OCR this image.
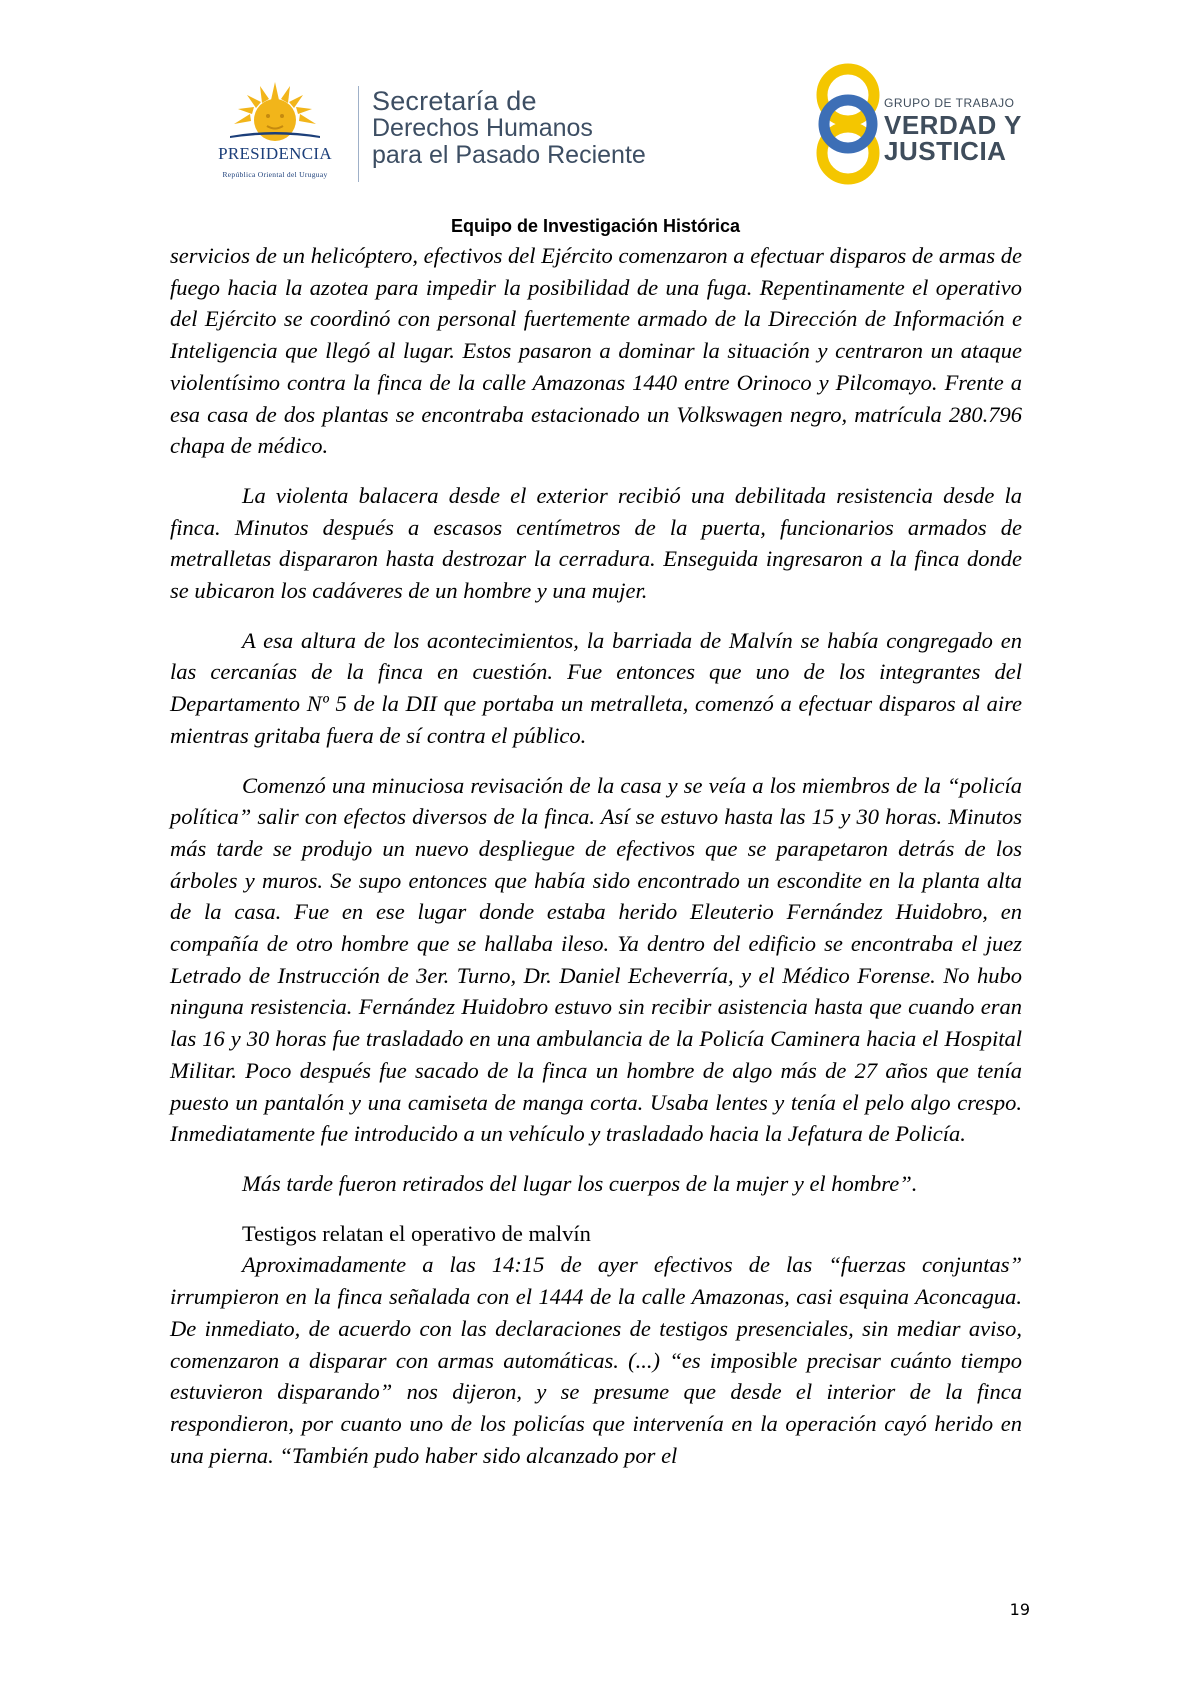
PRESIDENCIA
República Oriental del Uruguay
Secretaría de
Derechos Humanos
para el Pasado Reciente
GRUPO DE TRABAJO
VERDAD Y
JUSTICIA
Equipo de Investigación Histórica

servicios de un helicóptero, efectivos del Ejército comenzaron a efectuar disparos de armas de fuego hacia la azotea para impedir la posibilidad de una fuga. Repentinamente el operativo del Ejército se coordinó con personal fuertemente armado de la Dirección de Información e Inteligencia que llegó al lugar. Estos pasaron a dominar la situación y centraron un ataque violentísimo contra la finca de la calle Amazonas 1440 entre Orinoco y Pilcomayo. Frente a esa casa de dos plantas se encontraba estacionado un Volkswagen negro, matrícula 280.796 chapa de médico.

La violenta balacera desde el exterior recibió una debilitada resistencia desde la finca. Minutos después a escasos centímetros de la puerta, funcionarios armados de metralletas dispararon hasta destrozar la cerradura. Enseguida ingresaron a la finca donde se ubicaron los cadáveres de un hombre y una mujer.

A esa altura de los acontecimientos, la barriada de Malvín se había congregado en las cercanías de la finca en cuestión. Fue entonces que uno de los integrantes del Departamento Nº 5 de la DII que portaba un metralleta, comenzó a efectuar disparos al aire mientras gritaba fuera de sí contra el público.

Comenzó una minuciosa revisación de la casa y se veía a los miembros de la “policía política” salir con efectos diversos de la finca. Así se estuvo hasta las 15 y 30 horas. Minutos más tarde se produjo un nuevo despliegue de efectivos que se parapetaron detrás de los árboles y muros. Se supo entonces que había sido encontrado un escondite en la planta alta de la casa. Fue en ese lugar donde estaba herido Eleuterio Fernández Huidobro, en compañía de otro hombre que se hallaba ileso. Ya dentro del edificio se encontraba el juez Letrado de Instrucción de 3er. Turno, Dr. Daniel Echeverría, y el Médico Forense. No hubo ninguna resistencia. Fernández Huidobro estuvo sin recibir asistencia hasta que cuando eran las 16 y 30 horas fue trasladado en una ambulancia de la Policía Caminera hacia el Hospital Militar. Poco después fue sacado de la finca un hombre de algo más de 27 años que tenía puesto un pantalón y una camiseta de manga corta. Usaba lentes y tenía el pelo algo crespo. Inmediatamente fue introducido a un vehículo y trasladado hacia la Jefatura de Policía.

Más tarde fueron retirados del lugar los cuerpos de la mujer y el hombre”.

Testigos relatan el operativo de malvín

Aproximadamente a las 14:15 de ayer efectivos de las “fuerzas conjuntas” irrumpieron en la finca señalada con el 1444 de la calle Amazonas, casi esquina Aconcagua. De inmediato, de acuerdo con las declaraciones de testigos presenciales, sin mediar aviso, comenzaron a disparar con armas automáticas. (...) “es imposible precisar cuánto tiempo estuvieron disparando” nos dijeron, y se presume que desde el interior de la finca respondieron, por cuanto uno de los policías que intervenía en la operación cayó herido en una pierna. “También pudo haber sido alcanzado por el

19
